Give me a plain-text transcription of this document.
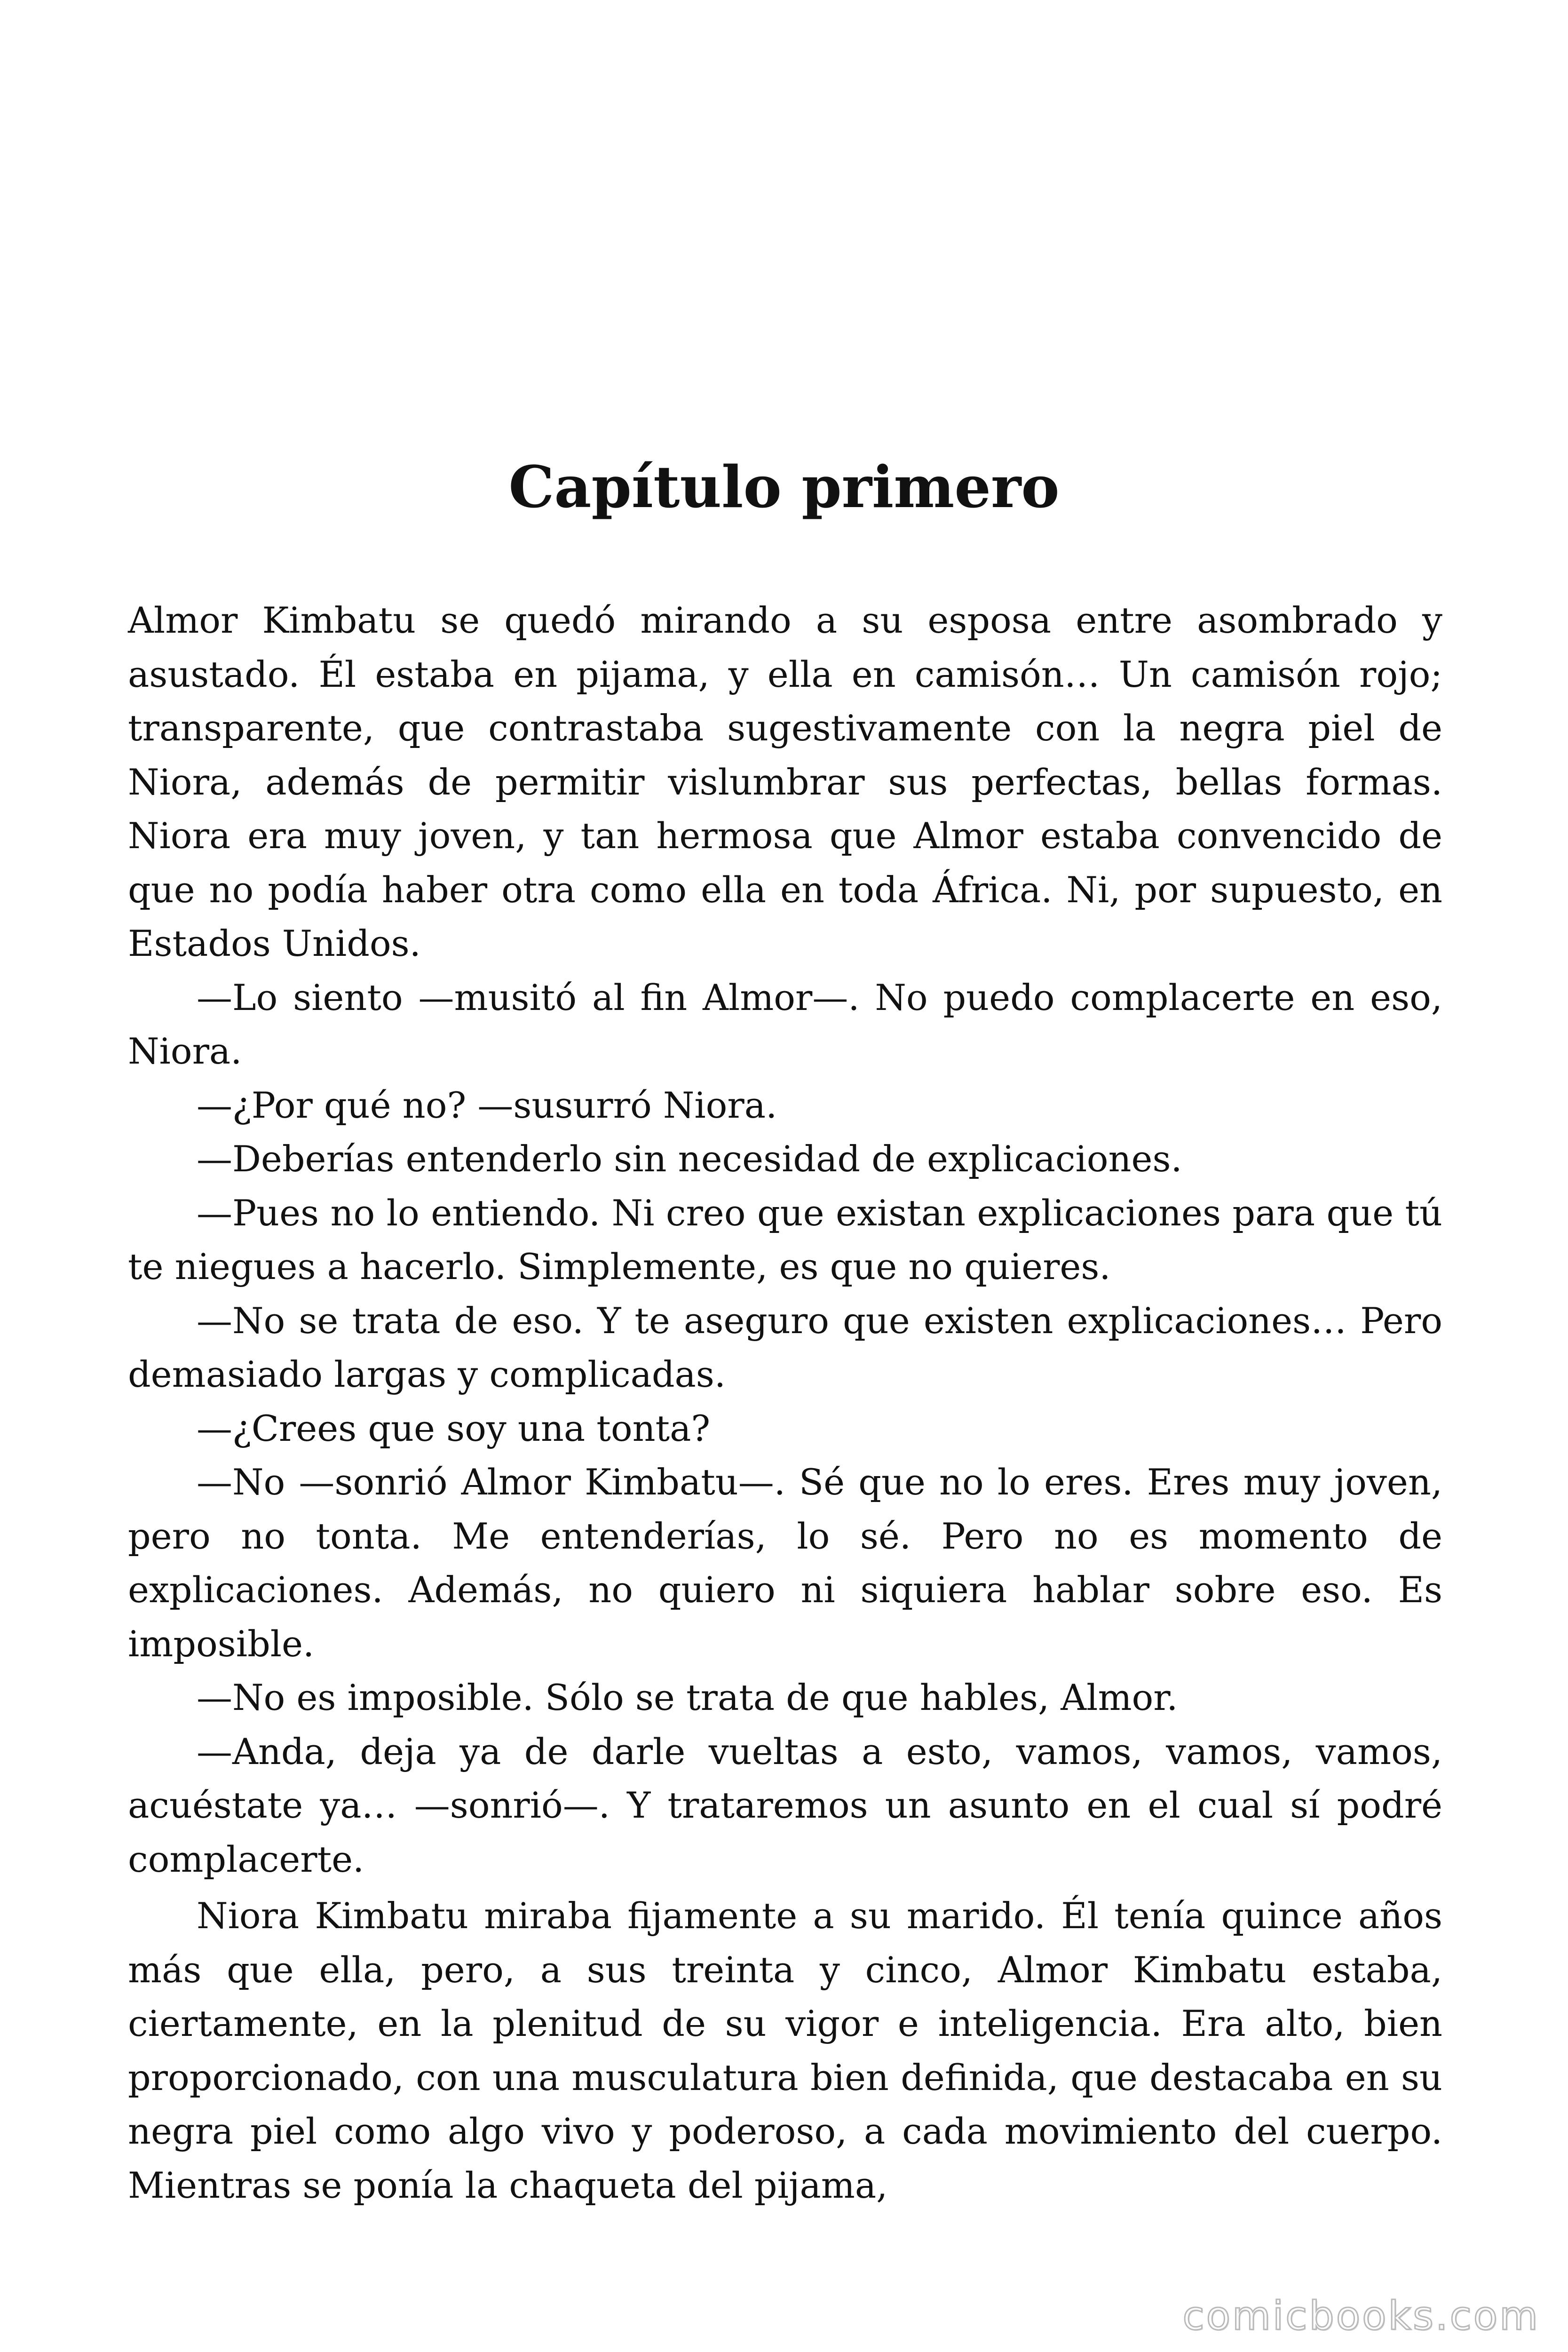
Capítulo primero

Almor Kimbatu se quedó mirando a su esposa entre asombrado y asustado. Él estaba en pijama, y ella en camisón… Un camisón rojo; transparente, que contrastaba sugestivamente con la negra piel de Niora, además de permitir vislumbrar sus perfectas, bellas formas. Niora era muy joven, y tan hermosa que Almor estaba convencido de que no podía haber otra como ella en toda África. Ni, por supuesto, en Estados Unidos.

—Lo siento —musitó al fin Almor—. No puedo complacerte en eso, Niora.

—¿Por qué no? —susurró Niora.

—Deberías entenderlo sin necesidad de explicaciones.

—Pues no lo entiendo. Ni creo que existan explicaciones para que tú te niegues a hacerlo. Simplemente, es que no quieres.

—No se trata de eso. Y te aseguro que existen explicaciones… Pero demasiado largas y complicadas.

—¿Crees que soy una tonta?

—No —sonrió Almor Kimbatu—. Sé que no lo eres. Eres muy joven, pero no tonta. Me entenderías, lo sé. Pero no es momento de explicaciones. Además, no quiero ni siquiera hablar sobre eso. Es imposible.

—No es imposible. Sólo se trata de que hables, Almor.

—Anda, deja ya de darle vueltas a esto, vamos, vamos, vamos, acuéstate ya… —sonrió—. Y trataremos un asunto en el cual sí podré complacerte.

Niora Kimbatu miraba fijamente a su marido. Él tenía quince años más que ella, pero, a sus treinta y cinco, Almor Kimbatu estaba, ciertamente, en la plenitud de su vigor e inteligencia. Era alto, bien proporcionado, con una musculatura bien definida, que destacaba en su negra piel como algo vivo y poderoso, a cada movimiento del cuerpo. Mientras se ponía la chaqueta del pijama,

comicbooks.com
